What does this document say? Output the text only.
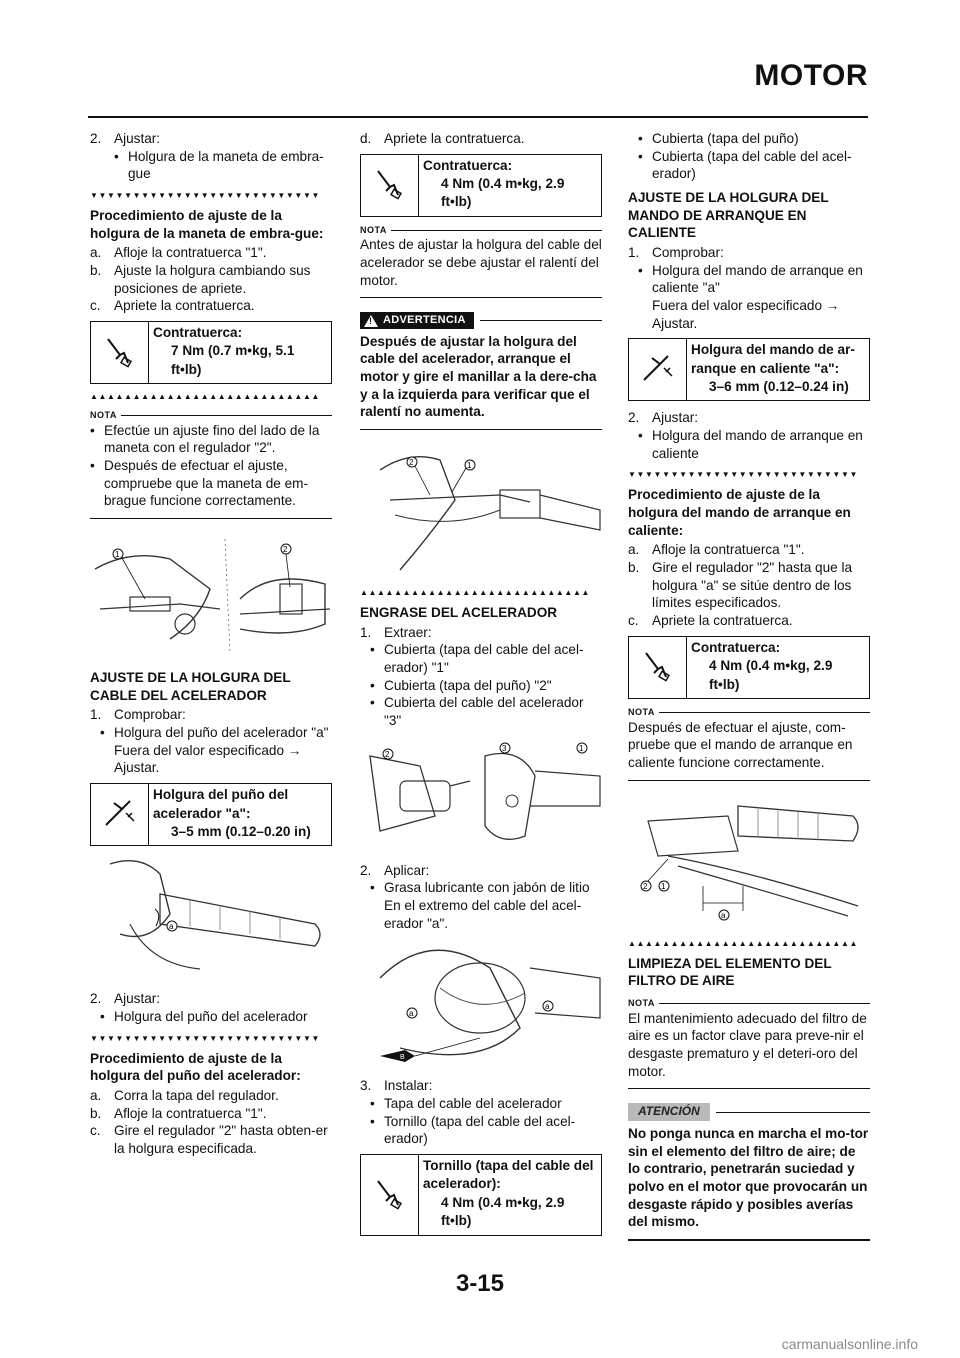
MOTOR
2. Ajustar:
• Holgura de la maneta de embra-gue
▼▼▼▼▼▼▼▼▼▼▼▼▼▼▼▼▼▼▼▼▼▼▼▼▼▼▼
Procedimiento de ajuste de la holgura de la maneta de embra-gue:
a. Afloje la contratuerca "1".
b. Ajuste la holgura cambiando sus posiciones de apriete.
c. Apriete la contratuerca.
Contratuerca:
7 Nm (0.7 m•kg, 5.1 ft•lb)
▲▲▲▲▲▲▲▲▲▲▲▲▲▲▲▲▲▲▲▲▲▲▲▲▲▲▲
NOTA
• Efectúe un ajuste fino del lado de la maneta con el regulador "2".
• Después de efectuar el ajuste, compruebe que la maneta de em-brague funcione correctamente.
1
2
AJUSTE DE LA HOLGURA DEL CABLE DEL ACELERADOR
1. Comprobar:
• Holgura del puño del acelerador "a"
Fuera del valor especificado →
Ajustar.
Holgura del puño del acelerador "a":
3–5 mm (0.12–0.20 in)
a
2. Ajustar:
• Holgura del puño del acelerador
▼▼▼▼▼▼▼▼▼▼▼▼▼▼▼▼▼▼▼▼▼▼▼▼▼▼▼
Procedimiento de ajuste de la holgura del puño del acelerador:
a. Corra la tapa del regulador.
b. Afloje la contratuerca "1".
c. Gire el regulador "2" hasta obten-er la holgura especificada.
d. Apriete la contratuerca.
Contratuerca:
4 Nm (0.4 m•kg, 2.9 ft•lb)
NOTA
Antes de ajustar la holgura del cable del acelerador se debe ajustar el ralentí del motor.
! ADVERTENCIA
Después de ajustar la holgura del cable del acelerador, arranque el motor y gire el manillar a la dere-cha y a la izquierda para verificar que el ralentí no aumenta.
2	1
▲▲▲▲▲▲▲▲▲▲▲▲▲▲▲▲▲▲▲▲▲▲▲▲▲▲▲
ENGRASE DEL ACELERADOR
1. Extraer:
• Cubierta (tapa del cable del acel-erador) "1"
• Cubierta (tapa del puño) "2"
• Cubierta del cable del acelerador "3"
2
3	1
2. Aplicar:
• Grasa lubricante con jabón de litio
En el extremo del cable del acel-erador "a".
a
a
B
3. Instalar:
• Tapa del cable del acelerador
• Tornillo (tapa del cable del acel-erador)
Tornillo (tapa del cable del acelerador):
4 Nm (0.4 m•kg, 2.9 ft•lb)
• Cubierta (tapa del puño)
• Cubierta (tapa del cable del acel-erador)
AJUSTE DE LA HOLGURA DEL MANDO DE ARRANQUE EN CALIENTE
1. Comprobar:
• Holgura del mando de arranque en caliente "a"
Fuera del valor especificado →
Ajustar.
Holgura del mando de ar-ranque en caliente "a":
3–6 mm (0.12–0.24 in)
2. Ajustar:
• Holgura del mando de arranque en caliente
▼▼▼▼▼▼▼▼▼▼▼▼▼▼▼▼▼▼▼▼▼▼▼▼▼▼▼
Procedimiento de ajuste de la holgura del mando de arranque en caliente:
a. Afloje la contratuerca "1".
b. Gire el regulador "2" hasta que la holgura "a" se sitúe dentro de los límites especificados.
c. Apriete la contratuerca.
Contratuerca:
4 Nm (0.4 m•kg, 2.9 ft•lb)
NOTA
Después de efectuar el ajuste, com-pruebe que el mando de arranque en caliente funcione correctamente.
a
2 1
▲▲▲▲▲▲▲▲▲▲▲▲▲▲▲▲▲▲▲▲▲▲▲▲▲▲▲
LIMPIEZA DEL ELEMENTO DEL FILTRO DE AIRE
NOTA
El mantenimiento adecuado del filtro de aire es un factor clave para preve-nir el desgaste prematuro y el deteri-oro del motor.
ATENCIÓN
No ponga nunca en marcha el mo-tor sin el elemento del filtro de aire; de lo contrario, penetrarán suciedad y polvo en el motor que provocarán un desgaste rápido y posibles averías del mismo.
3-15
carmanualsonline.info
